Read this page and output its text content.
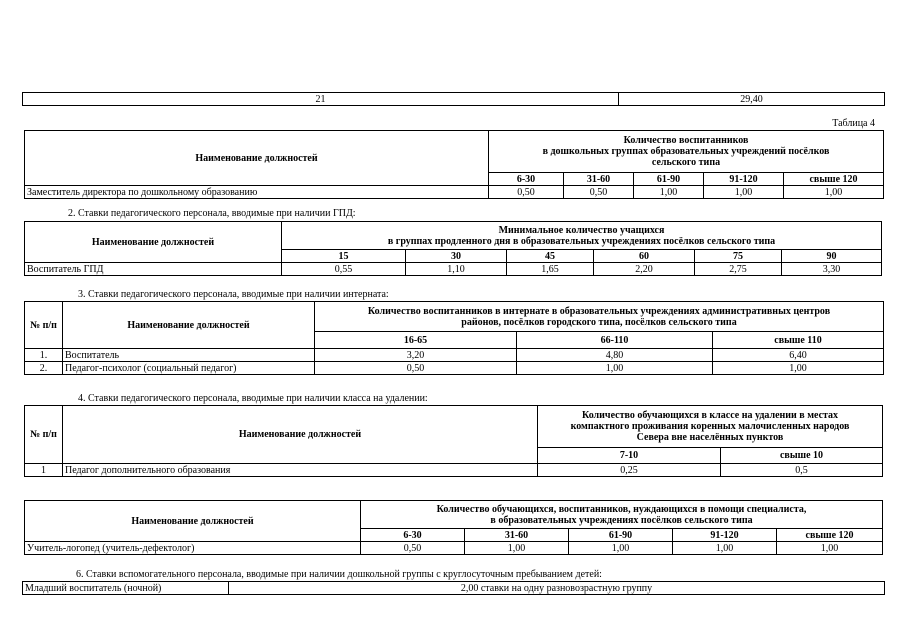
21	29,40
Таблица 4
Наименование должностей	Количество воспитанников
в дошкольных группах образовательных учреждений посёлков
сельского типа				

	6-30	31-60	61-90	91-120	свыше 120
Заместитель директора по дошкольному образованию	0,50	0,50	1,00	1,00	1,00
2. Ставки педагогического персонала, вводимые при наличии ГПД:
Наименование должностей	Минимальное количество учащихся
в группах продленного дня в образовательных учреждениях посёлков сельского типа					

	15	30	45	60	75	90
Воспитатель ГПД	0,55	1,10	1,65	2,20	2,75	3,30
3. Ставки педагогического персонала, вводимые при наличии интерната:
№ п/п	Наименование должностей	Количество воспитанников в интернате в образовательных учреждениях административных центров
районов, посёлков городского типа, посёлков сельского типа		

		16-65	66-110	свыше 110
1.	Воспитатель	3,20	4,80	6,40
2.	Педагог-психолог (социальный педагог)	0,50	1,00	1,00
4. Ставки педагогического персонала, вводимые при наличии класса на удалении:
№ п/п	Наименование должностей	Количество обучающихся в классе на удалении в местах
компактного проживания коренных малочисленных народов
Севера вне населённых пунктов	

		7-10	свыше 10
1	Педагог дополнительного образования	0,25	0,5
Наименование должностей	Количество обучающихся, воспитанников, нуждающихся в помощи специалиста,
в образовательных учреждениях посёлков сельского типа				

	6-30	31-60	61-90	91-120	свыше 120
Учитель-логопед (учитель-дефектолог)	0,50	1,00	1,00	1,00	1,00
6. Ставки вспомогательного персонала, вводимые при наличии дошкольной группы с круглосуточным пребыванием детей:
Младший воспитатель (ночной)	2,00 ставки на одну разновозрастную группу
